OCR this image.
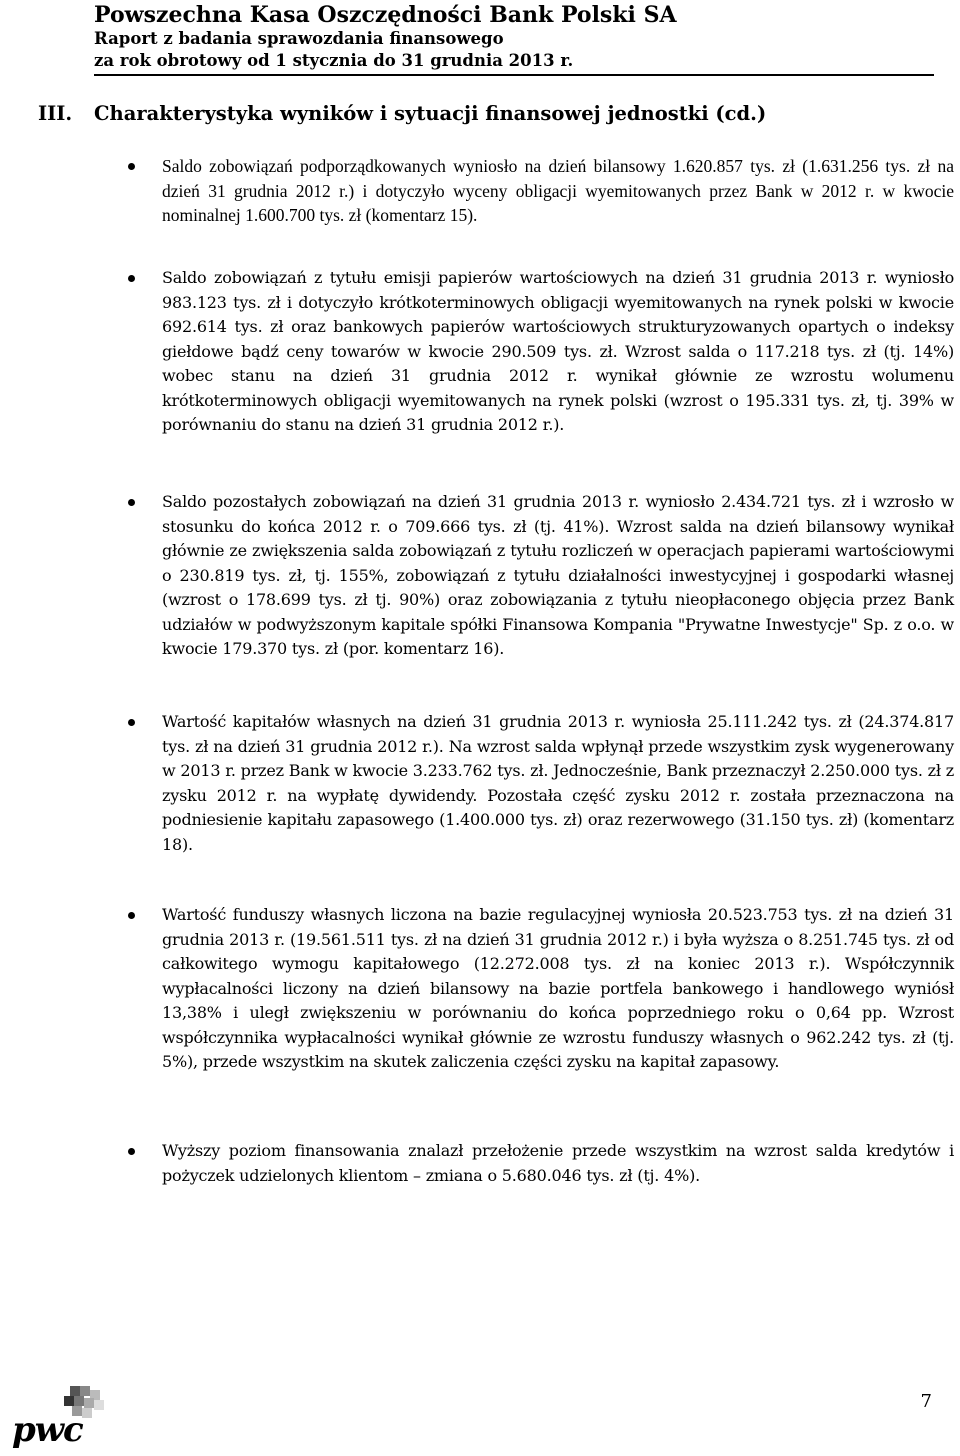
Powszechna Kasa Oszczędności Bank Polski SA
Raport z badania sprawozdania finansowego
za rok obrotowy od 1 stycznia do 31 grudnia 2013 r.
III. Charakterystyka wyników i sytuacji finansowej jednostki (cd.)
Saldo zobowiązań podporządkowanych wyniosło na dzień bilansowy 1.620.857 tys. zł (1.631.256 tys. zł na dzień 31 grudnia 2012 r.) i dotyczyło wyceny obligacji wyemitowanych przez Bank w 2012 r. w kwocie nominalnej 1.600.700 tys. zł (komentarz 15).
Saldo zobowiązań z tytułu emisji papierów wartościowych na dzień 31 grudnia 2013 r. wyniosło 983.123 tys. zł i dotyczyło krótkoterminowych obligacji wyemitowanych na rynek polski w kwocie 692.614 tys. zł oraz bankowych papierów wartościowych strukturyzowanych opartych o indeksy giełdowe bądź ceny towarów w kwocie 290.509 tys. zł. Wzrost salda o 117.218 tys. zł (tj. 14%) wobec stanu na dzień 31 grudnia 2012 r. wynikał głównie ze wzrostu wolumenu krótkoterminowych obligacji wyemitowanych na rynek polski (wzrost o 195.331 tys. zł, tj. 39% w porównaniu do stanu na dzień 31 grudnia 2012 r.).
Saldo pozostałych zobowiązań na dzień 31 grudnia 2013 r. wyniosło 2.434.721 tys. zł i wzrosło w stosunku do końca 2012 r. o 709.666 tys. zł (tj. 41%). Wzrost salda na dzień bilansowy wynikał głównie ze zwiększenia salda zobowiązań z tytułu rozliczeń w operacjach papierami wartościowymi o 230.819 tys. zł, tj. 155%, zobowiązań z tytułu działalności inwestycyjnej i gospodarki własnej (wzrost o 178.699 tys. zł tj. 90%) oraz zobowiązania z tytułu nieopłaconego objęcia przez Bank udziałów w podwyższonym kapitale spółki Finansowa Kompania "Prywatne Inwestycje" Sp. z o.o. w kwocie 179.370 tys. zł (por. komentarz 16).
Wartość kapitałów własnych na dzień 31 grudnia 2013 r. wyniosła 25.111.242 tys. zł (24.374.817 tys. zł na dzień 31 grudnia 2012 r.). Na wzrost salda wpłynął przede wszystkim zysk wygenerowany w 2013 r. przez Bank w kwocie 3.233.762 tys. zł. Jednocześnie, Bank przeznaczył 2.250.000 tys. zł z zysku 2012 r. na wypłatę dywidendy. Pozostała część zysku 2012 r. została przeznaczona na podniesienie kapitału zapasowego (1.400.000 tys. zł) oraz rezerwowego (31.150 tys. zł) (komentarz 18).
Wartość funduszy własnych liczona na bazie regulacyjnej wyniosła 20.523.753 tys. zł na dzień 31 grudnia 2013 r. (19.561.511 tys. zł na dzień 31 grudnia 2012 r.) i była wyższa o 8.251.745 tys. zł od całkowitego wymogu kapitałowego (12.272.008 tys. zł na koniec 2013 r.). Współczynnik wypłacalności liczony na dzień bilansowy na bazie portfela bankowego i handlowego wyniósł 13,38% i uległ zwiększeniu w porównaniu do końca poprzedniego roku o 0,64 pp. Wzrost współczynnika wypłacalności wynikał głównie ze wzrostu funduszy własnych o 962.242 tys. zł (tj. 5%), przede wszystkim na skutek zaliczenia części zysku na kapitał zapasowy.
Wyższy poziom finansowania znalazł przełożenie przede wszystkim na wzrost salda kredytów i pożyczek udzielonych klientom – zmiana o 5.680.046 tys. zł (tj. 4%).
pwc
7
